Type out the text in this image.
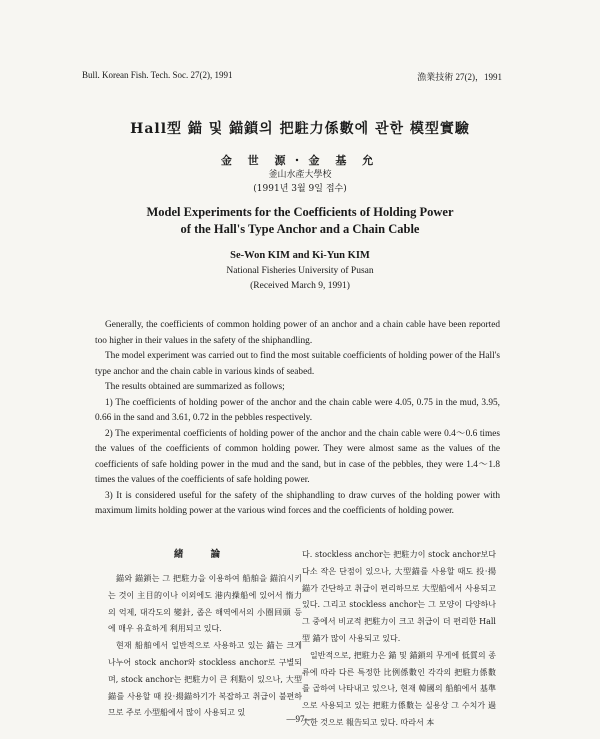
Bull. Korean Fish. Tech. Soc. 27(2), 1991	漁業技術 27(2)，1991
Hall型 錨 및 錨鎖의 把駐力係數에 관한 模型實驗
金 世 源・金 基 允
釜山水產大學校
(1991년 3월 9일 접수)
Model Experiments for the Coefficients of Holding Power
of the Hall's Type Anchor and a Chain Cable
Se-Won KIM and Ki-Yun KIM
National Fisheries University of Pusan
(Received March 9, 1991)

Generally, the coefficients of common holding power of an anchor and a chain cable have been reported too higher in their values in the safety of the shiphandling.

The model experiment was carried out to find the most suitable coefficients of holding power of the Hall's type anchor and the chain cable in various kinds of seabed.

The results obtained are summarized as follows;

1) The coefficients of holding power of the anchor and the chain cable were 4.05, 0.75 in the mud, 3.95, 0.66 in the sand and 3.61, 0.72 in the pebbles respectively.

2) The experimental coefficients of holding power of the anchor and the chain cable were 0.4～0.6 times the values of the coefficients of common holding power. They were almost same as the values of the coefficients of safe holding power in the mud and the sand, but in case of the pebbles, they were 1.4～1.8 times the values of the coefficients of safe holding power.

3) It is considered useful for the safety of the shiphandling to draw curves of the holding power with maximum limits holding power at the various wind forces and the coefficients of holding power.

緒 論

錨와 錨鎖는 그 把駐力을 이용하여 船舶을 錨泊시키는 것이 主目的이나 이외에도 港内操船에 있어서 惰力의 억제, 대각도의 變針, 좁은 해역에서의 小圈回頭 등에 매우 유효하게 利用되고 있다.

현재 船舶에서 일반적으로 사용하고 있는 錨는 크게 나누어 stock anchor와 stockless anchor로 구별되며, stock anchor는 把駐力이 큰 利點이 있으나, 大型錨를 사용할 때 投·揚錨하기가 복잡하고 취급이 불편하므로 주로 小型船에서 많이 사용되고 있

다. stockless anchor는 把駐力이 stock anchor보다 다소 작은 단점이 있으나, 大型錨를 사용할 때도 投·揚錨가 간단하고 취급이 편리하므로 大型船에서 사용되고 있다. 그리고 stockless anchor는 그 모양이 다양하나 그 중에서 비교적 把駐力이 크고 취급이 더 편리한 Hall型 錨가 많이 사용되고 있다.

일반적으로, 把駐力은 錨 및 錨鎖의 무게에 低質의 종류에 따라 다른 특정한 比例係數인 각각의 把駐力係數를 곱하여 나타내고 있으나, 현재 韓國의 船舶에서 基準으로 사용되고 있는 把駐力係數는 실용상 그 수치가 過大한 것으로 報告되고 있다. 따라서 本

—97—
